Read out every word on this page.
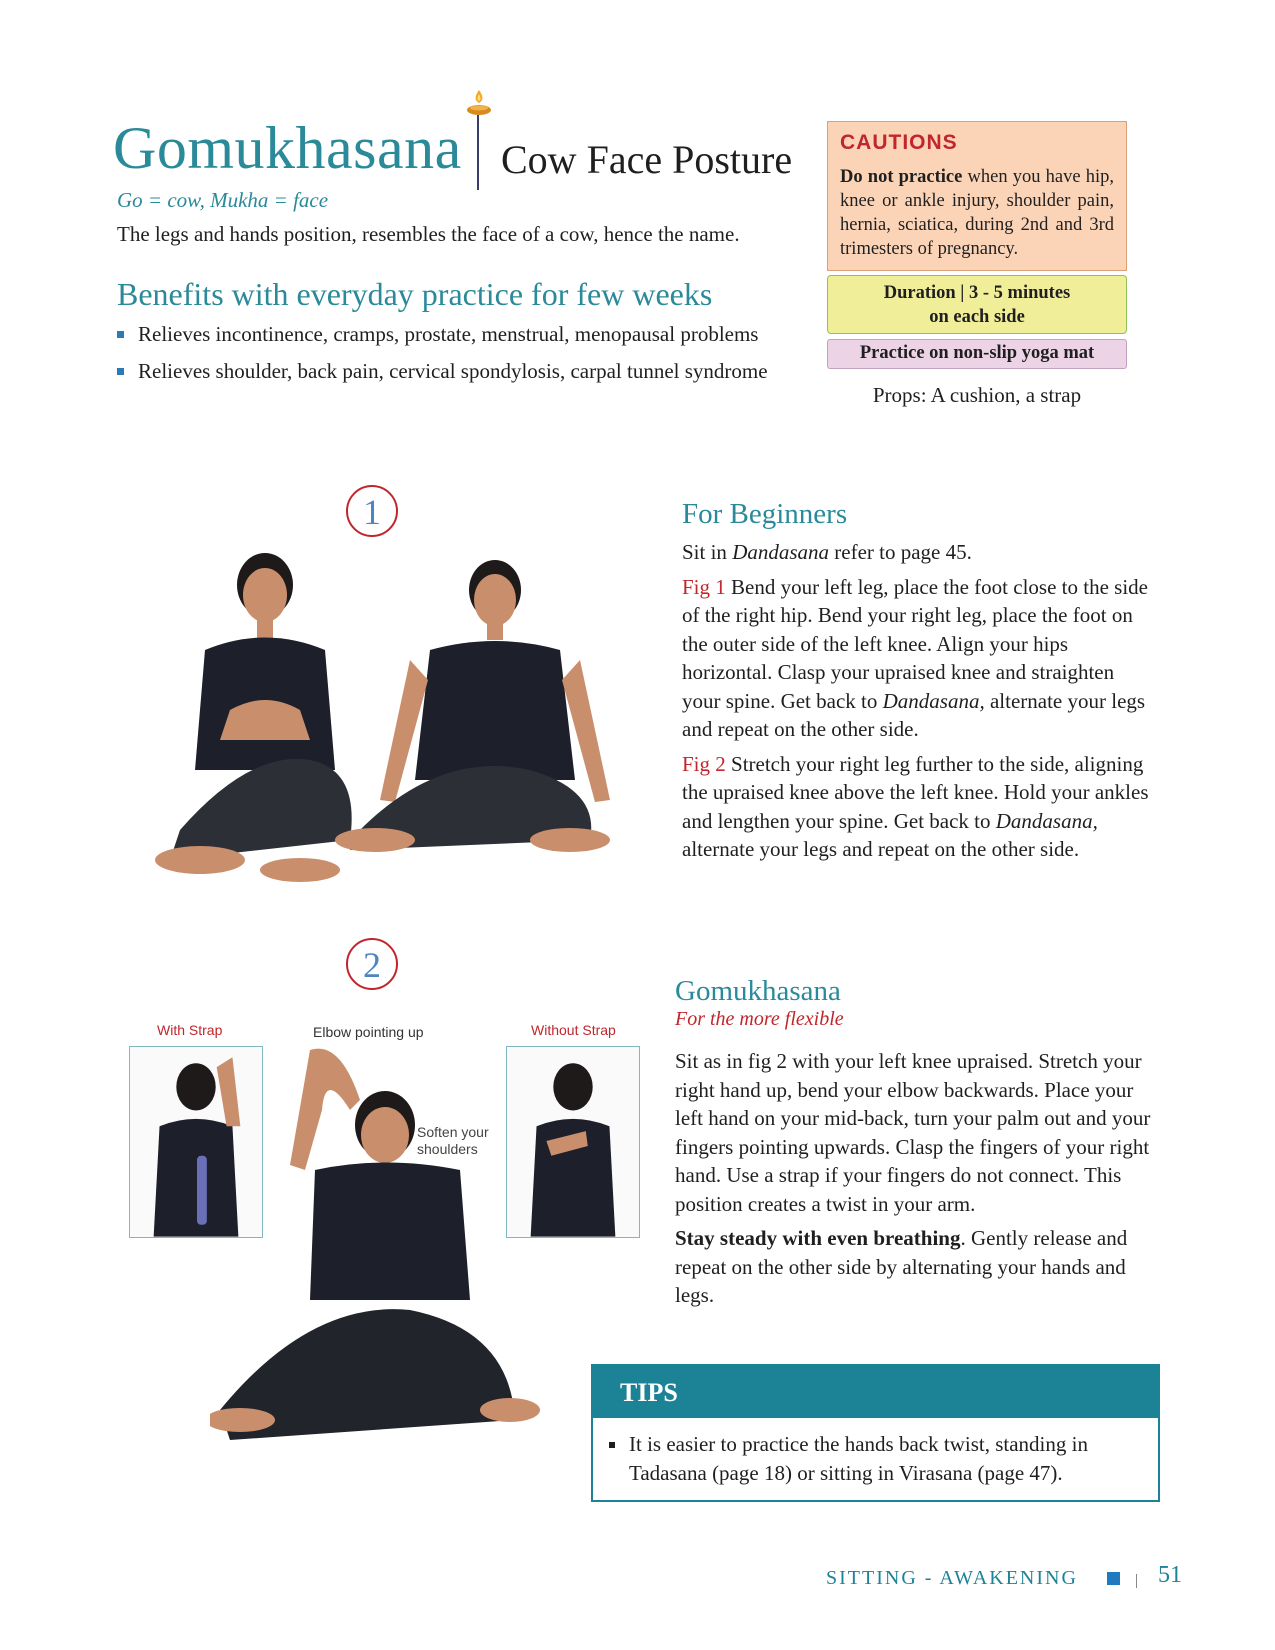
Gomukhasana Cow Face Posture
Go = cow, Mukha = face
The legs and hands position, resembles the face of a cow, hence the name.
Benefits with everyday practice for few weeks
Relieves incontinence, cramps, prostate, menstrual, menopausal problems
Relieves shoulder, back pain, cervical spondylosis, carpal tunnel syndrome
CAUTIONS
Do not practice when you have hip, knee or ankle injury, shoulder pain, hernia, sciatica, during 2nd and 3rd trimesters of pregnancy.
Duration | 3 - 5 minutes
on each side
Practice on non-slip yoga mat
Props: A cushion, a strap
1	For Beginners

Sit in Dandasana refer to page 45.

Fig 1 Bend your left leg, place the foot close to the side of the right hip. Bend your right leg, place the foot on the outer side of the left knee. Align your hips horizontal. Clasp your upraised knee and straighten your spine. Get back to Dandasana, alternate your legs and repeat on the other side.

Fig 2 Stretch your right leg further to the side, aligning the upraised knee above the left knee. Hold your ankles and lengthen your spine. Get back to Dandasana, alternate your legs and repeat on the other side.

2
With Strap	Elbow pointing up	Without Strap
Soften your shoulders
Gomukhasana
For the more flexible

Sit as in fig 2 with your left knee upraised. Stretch your right hand up, bend your elbow backwards. Place your left hand on your mid-back, turn your palm out and your fingers pointing upwards. Clasp the fingers of your right hand. Use a strap if your fingers do not connect. This position creates a twist in your arm.

Stay steady with even breathing. Gently release and repeat on the other side by alternating your hands and legs.

TIPS
It is easier to practice the hands back twist, standing in Tadasana (page 18) or sitting in Virasana (page 47).
SITTING - AWAKENING	51
